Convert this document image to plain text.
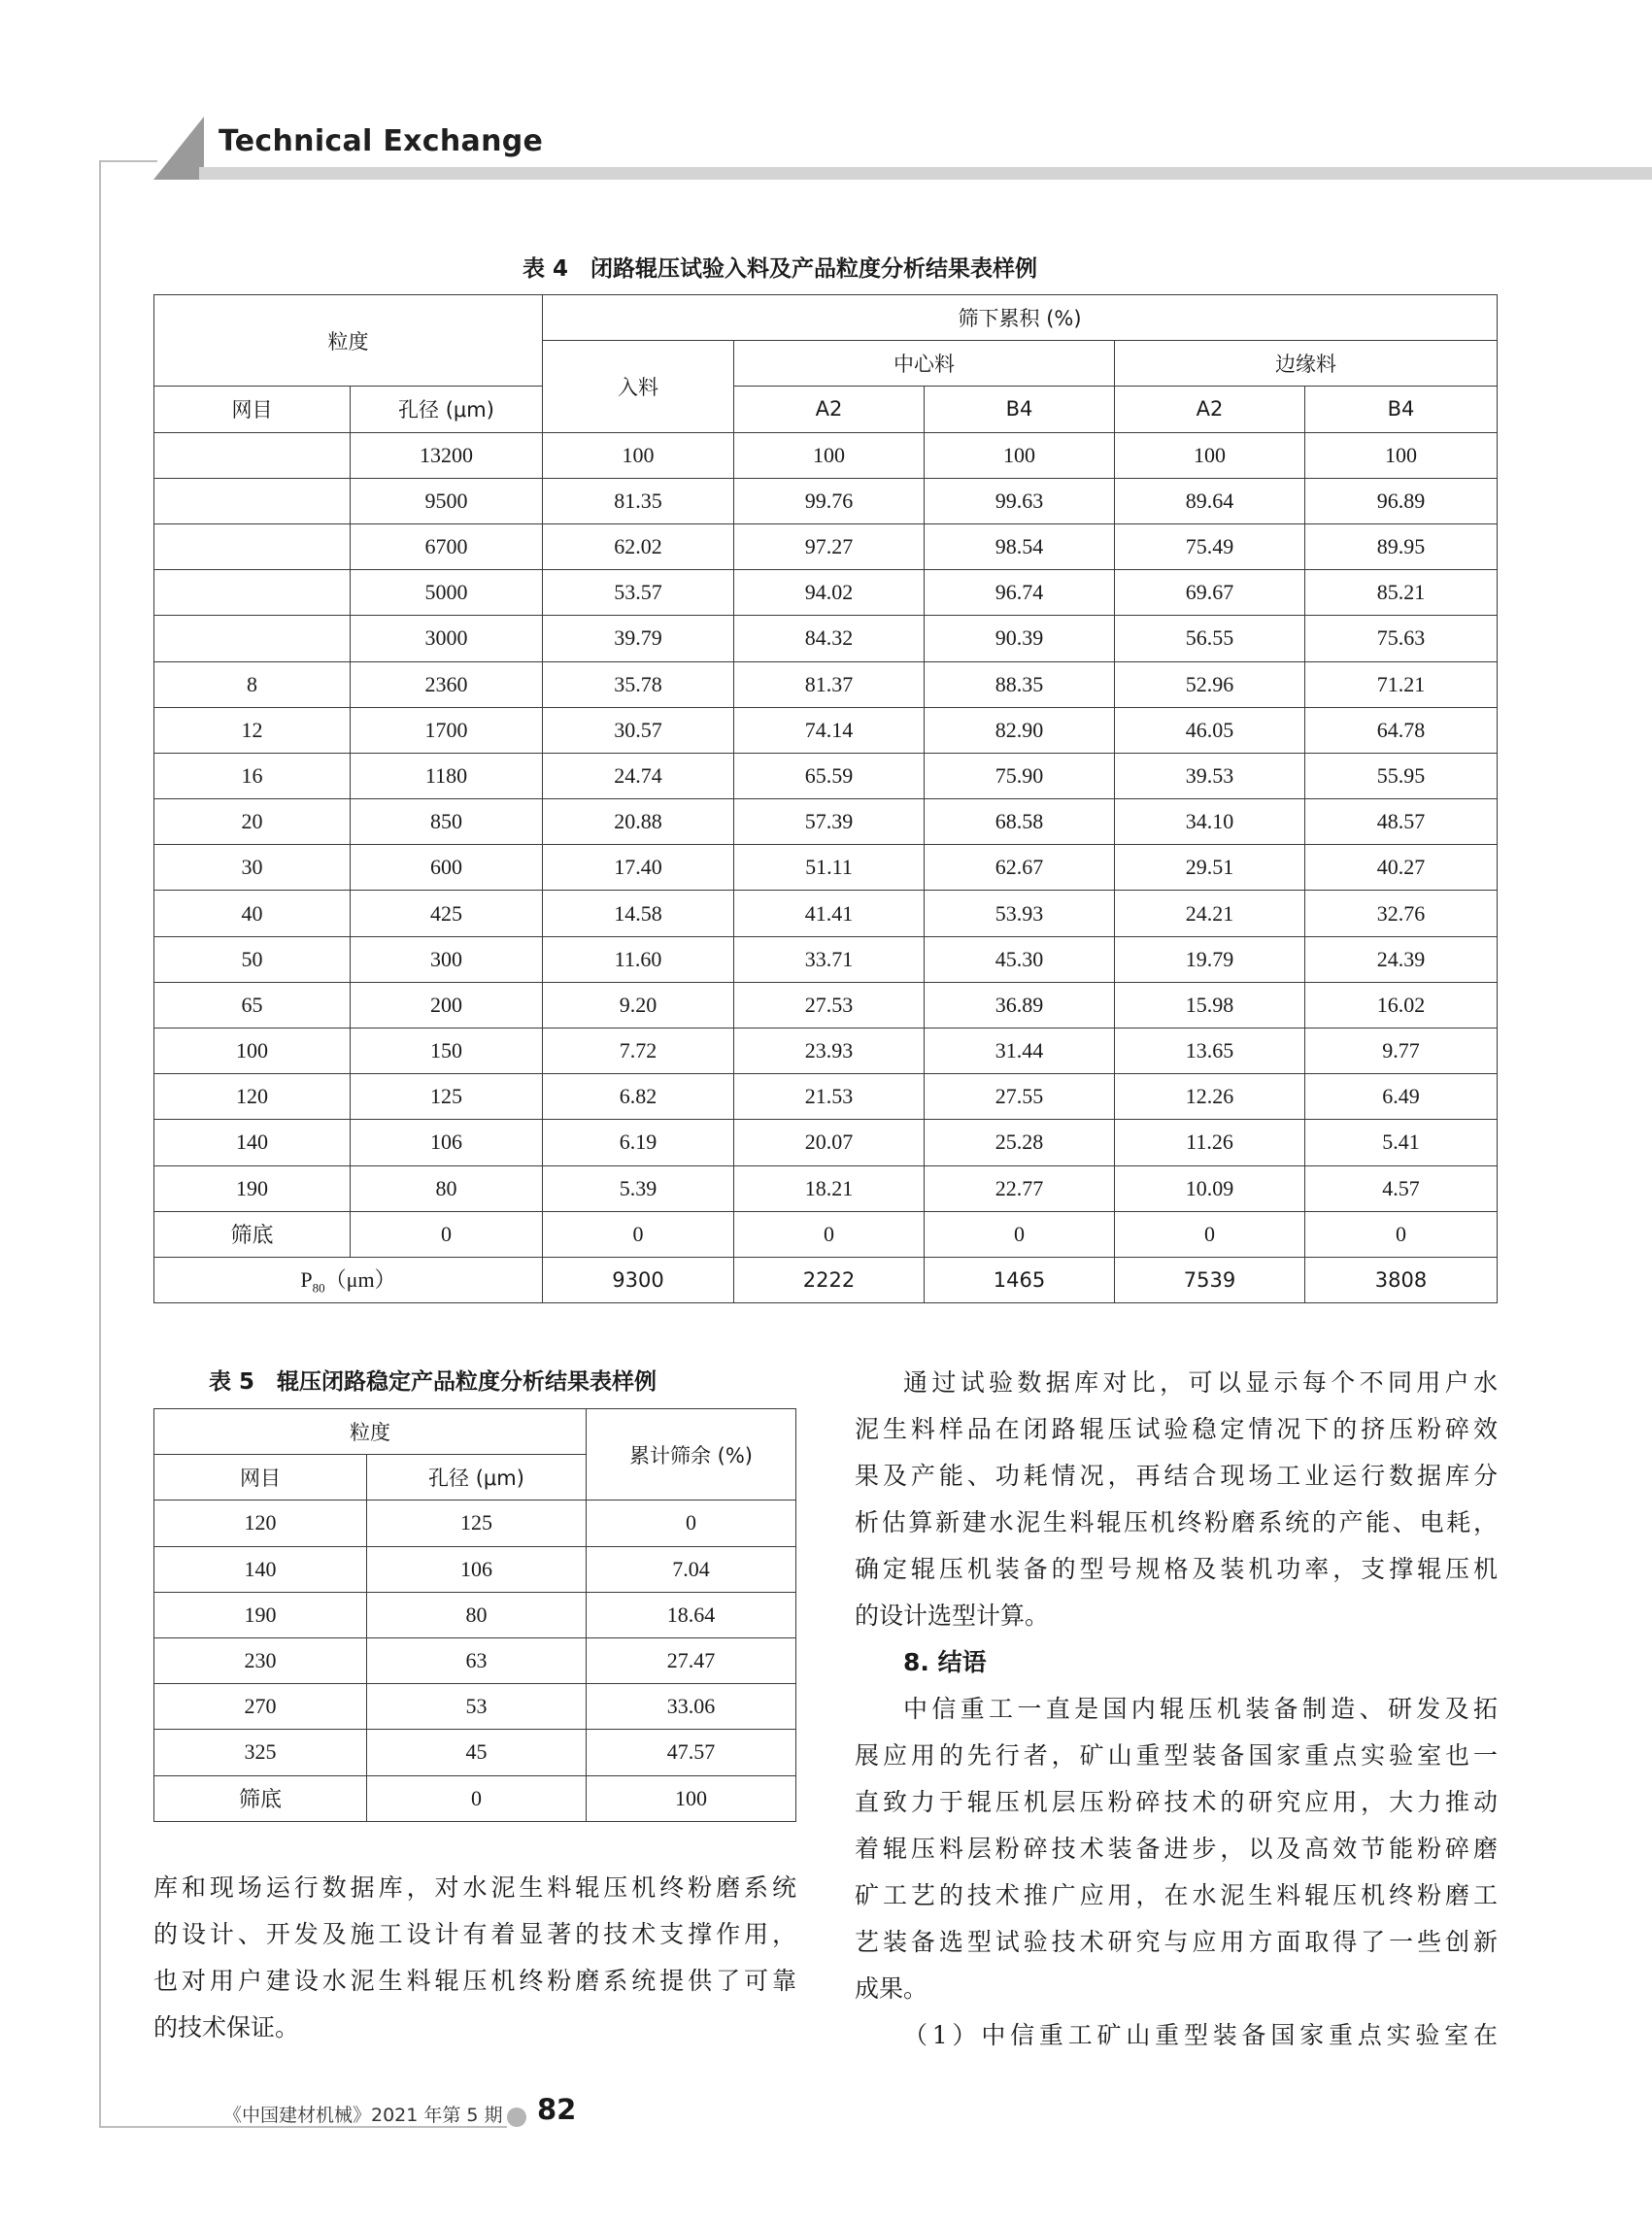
Technical Exchange
表 4　闭路辊压试验入料及产品粒度分析结果表样例
粒度		筛下累积 (%)				
		入料	中心料		边缘料	
网目	孔径 (μm)		A2	B4	A2	B4
	13200	100	100	100	100	100
	9500	81.35	99.76	99.63	89.64	96.89
	6700	62.02	97.27	98.54	75.49	89.95
	5000	53.57	94.02	96.74	69.67	85.21
	3000	39.79	84.32	90.39	56.55	75.63
8	2360	35.78	81.37	88.35	52.96	71.21
12	1700	30.57	74.14	82.90	46.05	64.78
16	1180	24.74	65.59	75.90	39.53	55.95
20	850	20.88	57.39	68.58	34.10	48.57
30	600	17.40	51.11	62.67	29.51	40.27
40	425	14.58	41.41	53.93	24.21	32.76
50	300	11.60	33.71	45.30	19.79	24.39
65	200	9.20	27.53	36.89	15.98	16.02
100	150	7.72	23.93	31.44	13.65	9.77
120	125	6.82	21.53	27.55	12.26	6.49
140	106	6.19	20.07	25.28	11.26	5.41
190	80	5.39	18.21	22.77	10.09	4.57
筛底	0	0	0	0	0	0
$P_{80}(\mu m)$		9300	2222	1465	7539	3808
表 5　辊压闭路稳定产品粒度分析结果表样例
粒度		累计筛余 (%)
网目	孔径 (μm)	
120	125	0
140	106	7.04
190	80	18.64
230	63	27.47
270	53	33.06
325	45	47.57
筛底	0	100

库和现场运行数据库，对水泥生料辊压机终粉磨系统

的设计、开发及施工设计有着显著的技术支撑作用，

也对用户建设水泥生料辊压机终粉磨系统提供了可靠

的技术保证。

通过试验数据库对比，可以显示每个不同用户水

泥生料样品在闭路辊压试验稳定情况下的挤压粉碎效

果及产能、功耗情况，再结合现场工业运行数据库分

析估算新建水泥生料辊压机终粉磨系统的产能、电耗，

确定辊压机装备的型号规格及装机功率，支撑辊压机

的设计选型计算。

8. 结语

中信重工一直是国内辊压机装备制造、研发及拓

展应用的先行者，矿山重型装备国家重点实验室也一

直致力于辊压机层压粉碎技术的研究应用，大力推动

着辊压料层粉碎技术装备进步，以及高效节能粉碎磨

矿工艺的技术推广应用，在水泥生料辊压机终粉磨工

艺装备选型试验技术研究与应用方面取得了一些创新

成果。

（1）中信重工矿山重型装备国家重点实验室在

《中国建材机械》2021 年第 5 期 82
